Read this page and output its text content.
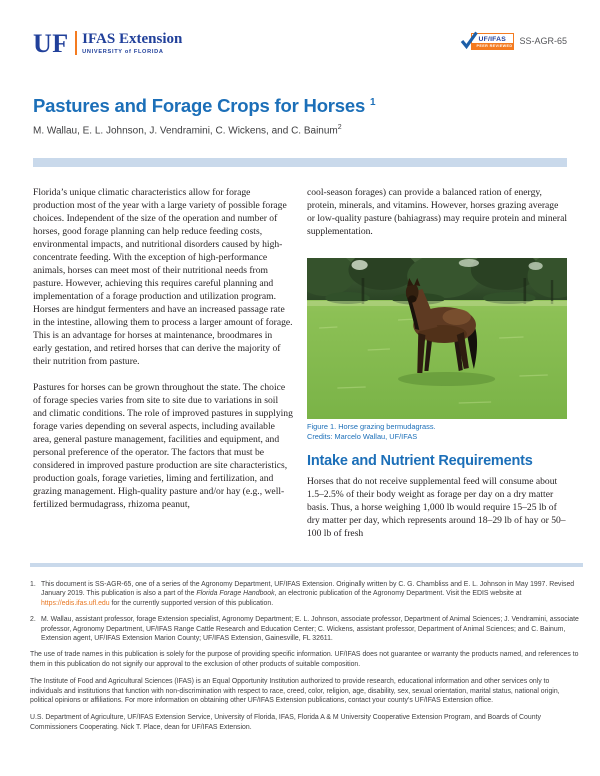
UF IFAS Extension
UNIVERSITY of FLORIDA
UF/IFAS
PEER REVIEWED SS-AGR-65
Pastures and Forage Crops for Horses $^1$
M. Wallau, E. L. Johnson, J. Vendramini, C. Wickens, and C. Bainum$^2$

Florida’s unique climatic characteristics allow for forage production most of the year with a large variety of possible forage choices. Independent of the size of the operation and number of horses, good forage planning can help reduce feeding costs, environmental impacts, and nutritional disorders caused by high-concentrate feeding. With the exception of high-performance animals, horses can meet most of their nutritional needs from pasture. However, achieving this requires careful planning and implementation of a forage production and utilization program. Horses are hindgut fermenters and have an increased passage rate in the intestine, allowing them to process a larger amount of forage. This is an advantage for horses at maintenance, broodmares in early gestation, and retired horses that can derive the majority of their nutrition from pasture.

Pastures for horses can be grown throughout the state. The choice of forage species varies from site to site due to variations in soil and climatic conditions. The role of improved pastures in supplying forage varies depending on several aspects, including available area, general pasture management, facilities and equipment, and personal preference of the operator. The factors that must be considered in improved pasture production are site characteristics, production goals, forage varieties, liming and fertilization, and grazing management. High-quality pasture and/or hay (e.g., well-fertilized bermudagrass, rhizoma peanut,

cool-season forages) can provide a balanced ration of energy, protein, minerals, and vitamins. However, horses grazing average or low-quality pasture (bahiagrass) may require protein and mineral supplementation.

Figure 1. Horse grazing bermudagrass.
Credits: Marcelo Wallau, UF/IFAS
Intake and Nutrient Requirements

Horses that do not receive supplemental feed will consume about 1.5–2.5% of their body weight as forage per day on a dry matter basis. Thus, a horse weighing 1,000 lb would require 15–25 lb of dry matter per day, which represents around 18–29 lb of hay or 50–100 lb of fresh

1. This document is SS-AGR-65, one of a series of the Agronomy Department, UF/IFAS Extension. Originally written by C. G. Chambliss and E. L. Johnson in May 1997. Revised January 2019. This publication is also a part of the Florida Forage Handbook, an electronic publication of the Agronomy Department. Visit the EDIS website at https://edis.ifas.ufl.edu for the currently supported version of this publication.
2. M. Wallau, assistant professor, forage Extension specialist, Agronomy Department; E. L. Johnson, associate professor, Department of Animal Sciences; J. Vendramini, associate professor, Agronomy Department, UF/IFAS Range Cattle Research and Education Center; C. Wickens, assistant professor, Department of Animal Sciences; and C. Bainum, Extension agent, UF/IFAS Extension Marion County; UF/IFAS Extension, Gainesville, FL 32611.

The use of trade names in this publication is solely for the purpose of providing specific information. UF/IFAS does not guarantee or warranty the products named, and references to them in this publication do not signify our approval to the exclusion of other products of suitable composition.

The Institute of Food and Agricultural Sciences (IFAS) is an Equal Opportunity Institution authorized to provide research, educational information and other services only to individuals and institutions that function with non-discrimination with respect to race, creed, color, religion, age, disability, sex, sexual orientation, marital status, national origin, political opinions or affiliations. For more information on obtaining other UF/IFAS Extension publications, contact your county’s UF/IFAS Extension office.

U.S. Department of Agriculture, UF/IFAS Extension Service, University of Florida, IFAS, Florida A & M University Cooperative Extension Program, and Boards of County Commissioners Cooperating. Nick T. Place, dean for UF/IFAS Extension.
